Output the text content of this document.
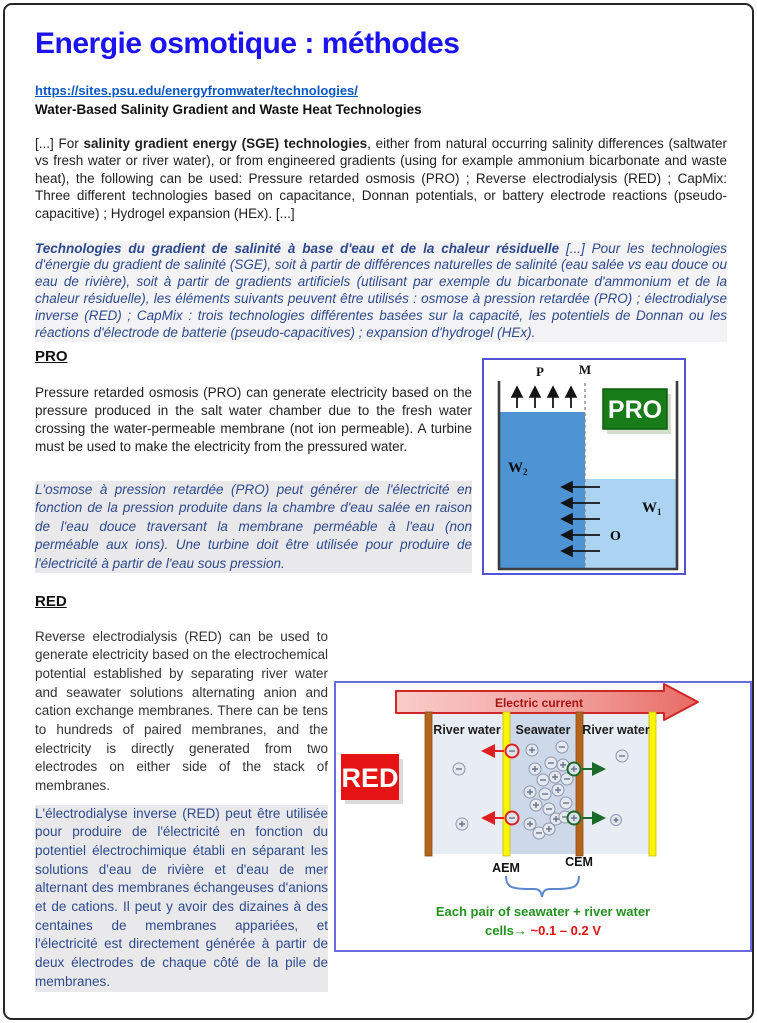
Energie osmotique : méthodes
https://sites.psu.edu/energyfromwater/technologies/
Water-Based Salinity Gradient and Waste Heat Technologies

[...] For salinity gradient energy (SGE) technologies, either from natural occurring salinity differences (saltwater vs fresh water or river water), or from engineered gradients (using for example ammonium bicarbonate and waste heat), the following can be used: Pressure retarded osmosis (PRO) ; Reverse electrodialysis (RED) ; CapMix: Three different technologies based on capacitance, Donnan potentials, or battery electrode reactions (pseudo-capacitive) ; Hydrogel expansion (HEx). [...]

Technologies du gradient de salinité à base d'eau et de la chaleur résiduelle [...] Pour les technologies d'énergie du gradient de salinité (SGE), soit à partir de différences naturelles de salinité (eau salée vs eau douce ou eau de rivière), soit à partir de gradients artificiels (utilisant par exemple du bicarbonate d'ammonium et de la chaleur résiduelle), les éléments suivants peuvent être utilisés : osmose à pression retardée (PRO) ; électrodialyse inverse (RED) ; CapMix : trois technologies différentes basées sur la capacité, les potentiels de Donnan ou les réactions d'électrode de batterie (pseudo-capacitives) ; expansion d'hydrogel (HEx).

PRO

Pressure retarded osmosis (PRO) can generate electricity based on the pressure produced in the salt water chamber due to the fresh water crossing the water-permeable membrane (not ion permeable). A turbine must be used to make the electricity from the pressured water.

L'osmose à pression retardée (PRO) peut générer de l'électricité en fonction de la pression produite dans la chambre d'eau salée en raison de l'eau douce traversant la membrane perméable à l'eau (non perméable aux ions). Une turbine doit être utilisée pour produire de l'électricité à partir de l'eau sous pression.

P	M
$W_2$
$W_1$
O
PRO
RED

Reverse electrodialysis (RED) can be used to generate electricity based on the electrochemical potential established by separating river water and seawater solutions alternating anion and cation exchange membranes. There can be tens to hundreds of paired membranes, and the electricity is directly generated from two electrodes on either side of the stack of membranes.

L'électrodialyse inverse (RED) peut être utilisée pour produire de l'électricité en fonction du potentiel électrochimique établi en séparant les solutions d'eau de rivière et d'eau de mer alternant des membranes échangeuses d'anions et de cations. Il peut y avoir des dizaines à des centaines de membranes appariées, et l'électricité est directement générée à partir de deux électrodes de chaque côté de la pile de membranes.

Electric current
River water Seawater River water
AEM	CEM
Each pair of seawater + river water
cells→ ~0.1 – 0.2 V
RED
